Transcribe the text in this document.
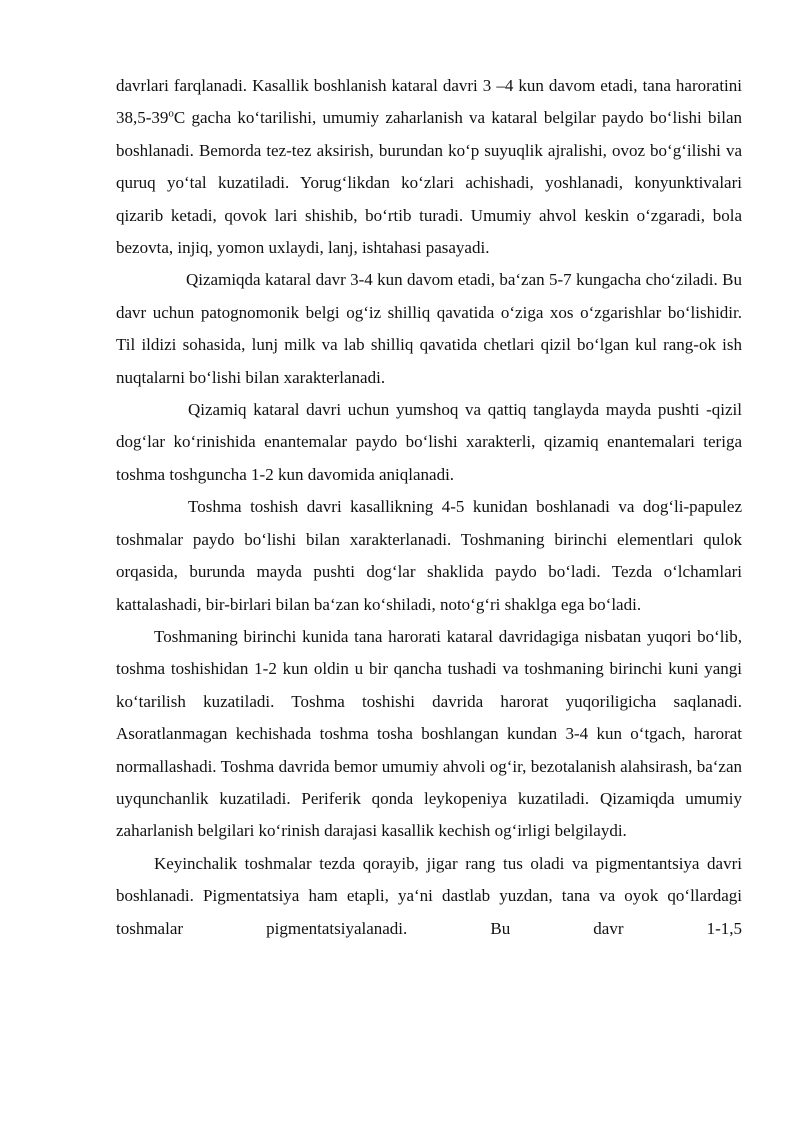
davrlari farqlanadi. Kasallik boshlanish kataral davri 3 –4 kun davom etadi, tana haroratini 38,5-39$^o$C gacha ko‘tarilishi, umumiy zaharlanish va kataral belgilar paydo bo‘lishi bilan boshlanadi. Bemorda tez-tez aksirish, burundan ko‘p suyuqlik ajralishi, ovoz bo‘g‘ilishi va quruq yo‘tal kuzatiladi. Yorug‘likdan ko‘zlari achishadi, yoshlanadi, konyunktivalari qizarib ketadi, qovok lari shishib, bo‘rtib turadi. Umumiy ahvol keskin o‘zgaradi, bola bezovta, injiq, yomon uxlaydi, lanj, ishtahasi pasayadi.

Qizamiqda kataral davr 3-4 kun davom etadi, ba‘zan 5-7 kungacha cho‘ziladi. Bu davr uchun patognomonik belgi og‘iz shilliq qavatida o‘ziga xos o‘zgarishlar bo‘lishidir. Til ildizi sohasida, lunj milk va lab shilliq qavatida chetlari qizil bo‘lgan kul rang-ok ish nuqtalarni bo‘lishi bilan xarakterlanadi.

Qizamiq kataral davri uchun yumshoq va qattiq tanglayda mayda pushti -qizil dog‘lar ko‘rinishida enantemalar paydo bo‘lishi xarakterli, qizamiq enantemalari teriga toshma toshguncha 1-2 kun davomida aniqlanadi.

Toshma toshish davri kasallikning 4-5 kunidan boshlanadi va dog‘li-papulez toshmalar paydo bo‘lishi bilan xarakterlanadi. Toshmaning birinchi elementlari qulok orqasida, burunda mayda pushti dog‘lar shaklida paydo bo‘ladi. Tezda o‘lchamlari kattalashadi, bir-birlari bilan ba‘zan ko‘shiladi, noto‘g‘ri shaklga ega bo‘ladi.

Toshmaning birinchi kunida tana harorati kataral davridagiga nisbatan yuqori bo‘lib, toshma toshishidan 1-2 kun oldin u bir qancha tushadi va toshmaning birinchi kuni yangi ko‘tarilish kuzatiladi. Toshma toshishi davrida harorat yuqoriligicha saqlanadi. Asoratlanmagan kechishada toshma tosha boshlangan kundan 3-4 kun o‘tgach, harorat normallashadi. Toshma davrida bemor umumiy ahvoli og‘ir, bezotalanish alahsirash, ba‘zan uyqunchanlik kuzatiladi. Periferik qonda leykopeniya kuzatiladi. Qizamiqda umumiy zaharlanish belgilari ko‘rinish darajasi kasallik kechish og‘irligi belgilaydi.

Keyinchalik toshmalar tezda qorayib, jigar rang tus oladi va pigmentantsiya davri boshlanadi. Pigmentatsiya ham etapli, ya‘ni dastlab yuzdan, tana va oyok qo‘llardagi toshmalar pigmentatsiyalanadi. Bu davr 1-1,5
